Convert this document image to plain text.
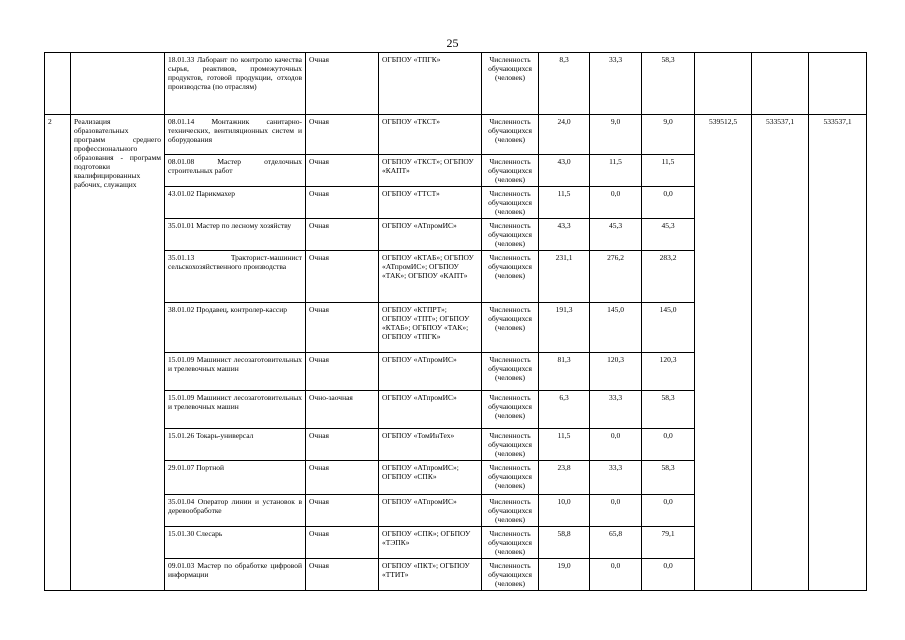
25
		18.01.33 Лаборант по контролю качества сырья, реактивов, промежуточных продуктов, готовой продукции, отходов производства (по отраслям)	Очная	ОГБПОУ «ТПГК»	Численность обучающихся (человек)	8,3	33,3	58,3			
2	Реализация образовательных программ среднего профессионального образования - программ подготовки квалифицированных рабочих, служащих	08.01.14 Монтажник санитарно-технических, вентиляционных систем и оборудования	Очная	ОГБПОУ «ТКСТ»	Численность обучающихся (человек)	24,0	9,0	9,0	539512,5	533537,1	533537,1
		08.01.08 Мастер отделочных строительных работ	Очная	ОГБПОУ «ТКСТ»; ОГБПОУ «КАПТ»	Численность обучающихся (человек)	43,0	11,5	11,5			
		43.01.02 Парикмахер	Очная	ОГБПОУ «ТТСТ»	Численность обучающихся (человек)	11,5	0,0	0,0			
		35.01.01 Мастер по лесному хозяйству	Очная	ОГБПОУ «АТпромИС»	Численность обучающихся (человек)	43,3	45,3	45,3			
		35.01.13 Тракторист-машинист сельскохозяйственного производства	Очная	ОГБПОУ «КТАБ»; ОГБПОУ «АТпромИС»; ОГБПОУ «ТАК»; ОГБПОУ «КАПТ»	Численность обучающихся (человек)	231,1	276,2	283,2			
		38.01.02 Продавец, контролер-кассир	Очная	ОГБПОУ «КТПРТ»; ОГБПОУ «ТПТ»; ОГБПОУ «КТАБ»; ОГБПОУ «ТАК»; ОГБПОУ «ТПГК»	Численность обучающихся (человек)	191,3	145,0	145,0			
		15.01.09 Машинист лесозаготовительных и трелевочных машин	Очная	ОГБПОУ «АТпромИС»	Численность обучающихся (человек)	81,3	120,3	120,3			
		15.01.09 Машинист лесозаготовительных и трелевочных машин	Очно-заочная	ОГБПОУ «АТпромИС»	Численность обучающихся (человек)	6,3	33,3	58,3			
		15.01.26 Токарь-универсал	Очная	ОГБПОУ «ТомИнТех»	Численность обучающихся (человек)	11,5	0,0	0,0			
		29.01.07 Портной	Очная	ОГБПОУ «АТпромИС»; ОГБПОУ «СПК»	Численность обучающихся (человек)	23,8	33,3	58,3			
		35.01.04 Оператор линии и установок в деревообработке	Очная	ОГБПОУ «АТпромИС»	Численность обучающихся (человек)	10,0	0,0	0,0			
		15.01.30 Слесарь	Очная	ОГБПОУ «СПК»; ОГБПОУ «ТЭПК»	Численность обучающихся (человек)	58,8	65,8	79,1			
		09.01.03 Мастер по обработке цифровой информации	Очная	ОГБПОУ «ПКТ»; ОГБПОУ «ТТИТ»	Численность обучающихся (человек)	19,0	0,0	0,0			
